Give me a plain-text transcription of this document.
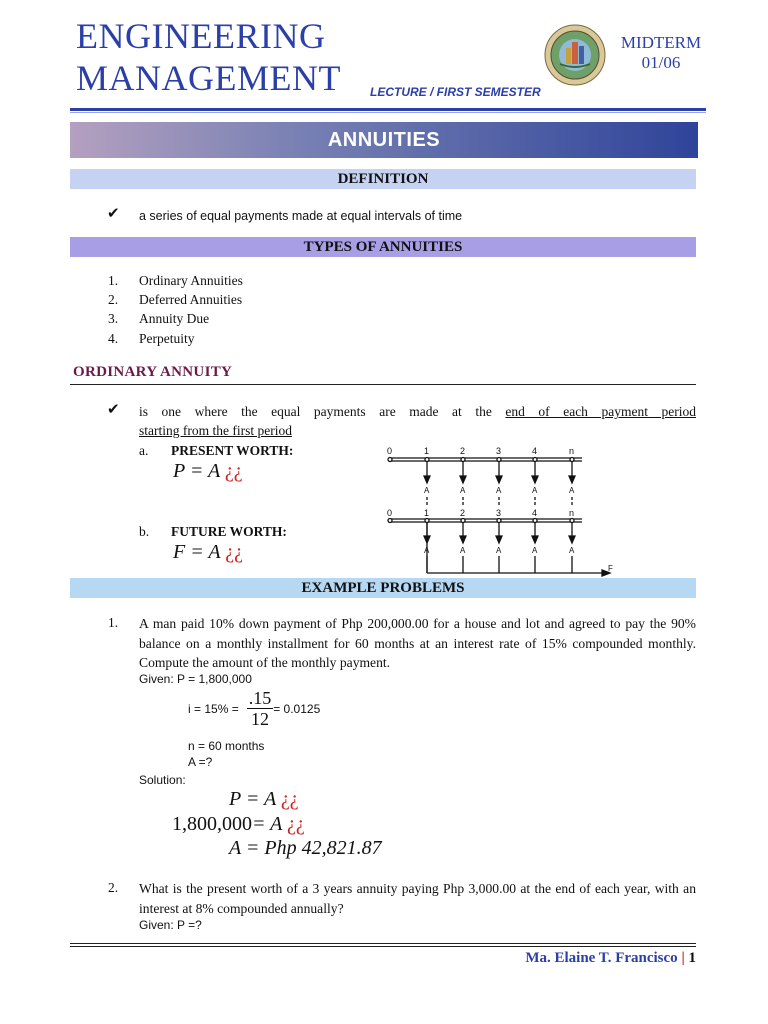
ENGINEERING
MANAGEMENT LECTURE / FIRST SEMESTER
MIDTERM
01/06
ANNUITIES
DEFINITION
✔ a series of equal payments made at equal intervals of time
TYPES OF ANNUITIES
1.	Ordinary Annuities
2.	Deferred Annuities
3.	Annuity Due
4.	Perpetuity
ORDINARY ANNUITY
✔ is one where the equal payments are made at the end of each payment period
starting from the first period
a. PRESENT WORTH:
P = A ¿¿
b. FUTURE WORTH:
F = A ¿¿
0	1	2	3	4	n
0	1	2	3	4	n
A	A	A	A	A
A	A	A	A	A
F
EXAMPLE PROBLEMS
1.	A man paid 10% down payment of Php 200,000.00 for a house and lot and agreed to pay the 90% balance on a monthly installment for 60 months at an interest rate of 15% compounded monthly. Compute the amount of the monthly payment.
Given: P = 1,800,000
$i = 15\% = \frac{.15}{12} = 0.0125$
n = 60 months
A =?
Solution:
P = A ¿¿
1,800,000= A ¿¿
A = Php 42,821.87
2.	What is the present worth of a 3 years annuity paying Php 3,000.00 at the end of each year, with an interest at 8% compounded annually?
Given: P =?
Ma. Elaine T. Francisco | 1
